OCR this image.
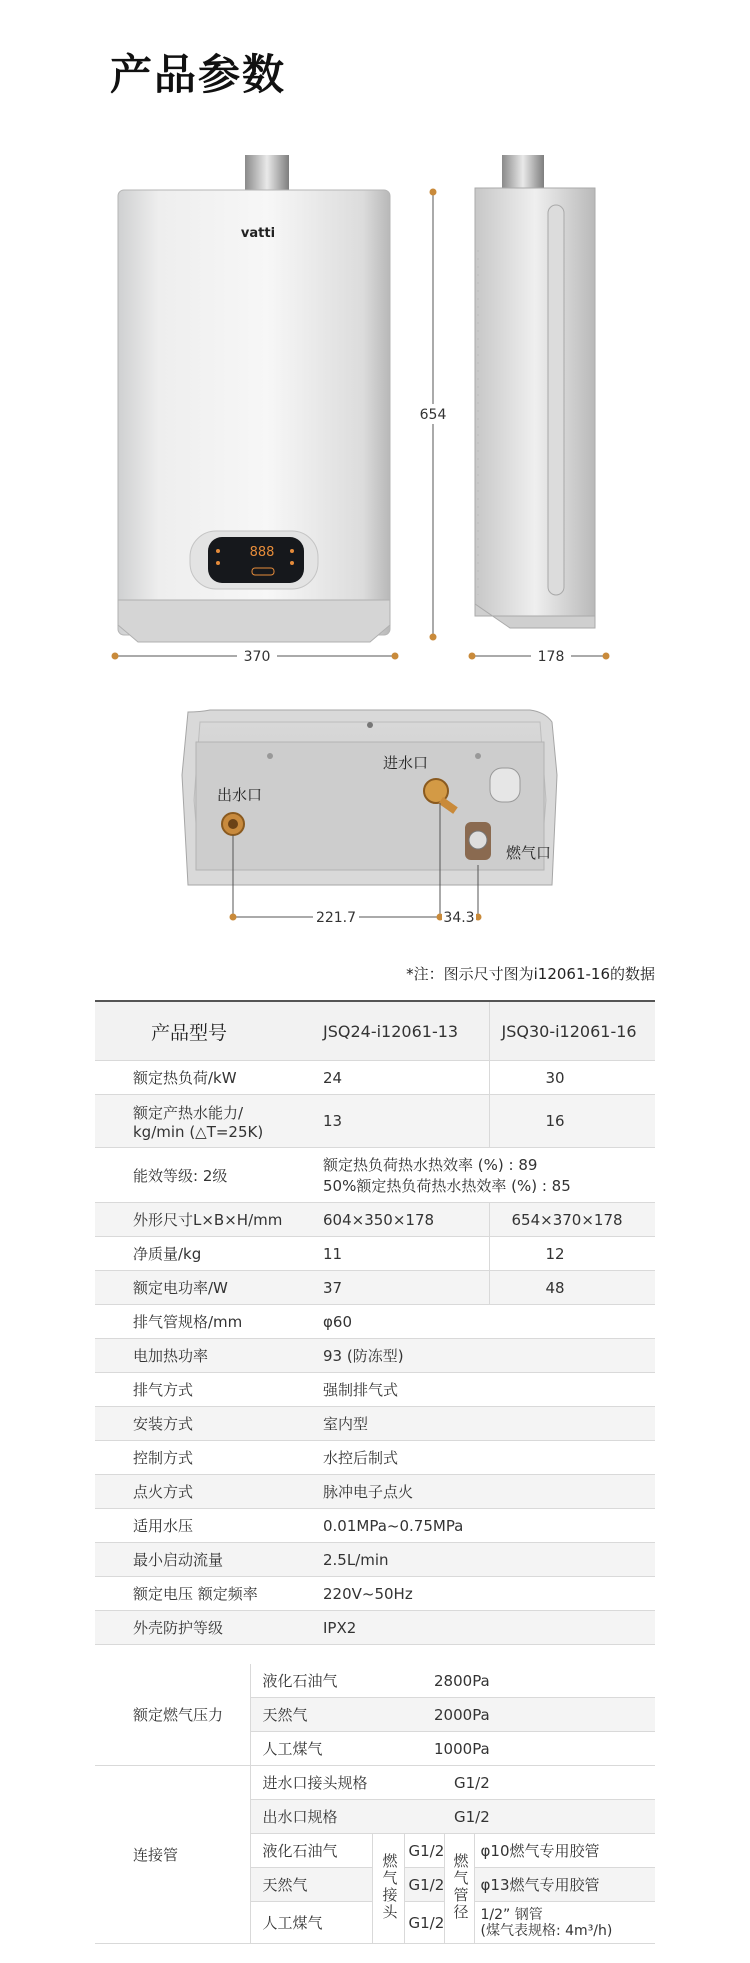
产品参数
vatti
888
370
654
178
出水口
进水口
燃气口
221.7	34.3
*注：图示尺寸图为i12061-16的数据
产品型号	JSQ24-i12061-13	JSQ30-i12061-16
额定热负荷/kW	24	30
额定产热水能力/
kg/min (△T=25K)	13	16
能效等级: 2级	额定热负荷热水热效率 (%) : 89
50%额定热负荷热水热效率 (%) : 85	
外形尺寸L×B×H/mm	604×350×178	654×370×178
净质量/kg	11	12
额定电功率/W	37	48
排气管规格/mm	φ60	
电加热功率	93 (防冻型)	
排气方式	强制排气式	
安装方式	室内型	
控制方式	水控后制式	
点火方式	脉冲电子点火	
适用水压	0.01MPa~0.75MPa	
最小启动流量	2.5L/min	
额定电压 额定频率	220V~50Hz	
外壳防护等级	IPX2	
额定燃气压力	液化石油气		2800Pa		
	天然气		2000Pa		
	人工煤气		1000Pa		
连接管	进水口接头规格			G1/2	
	出水口规格			G1/2	
	液化石油气	燃气接头	G1/2	燃气管径	φ10燃气专用胶管
	天然气		G1/2		φ13燃气专用胶管
	人工煤气		G1/2		1/2” 钢管
(煤气表规格: 4m³/h)
